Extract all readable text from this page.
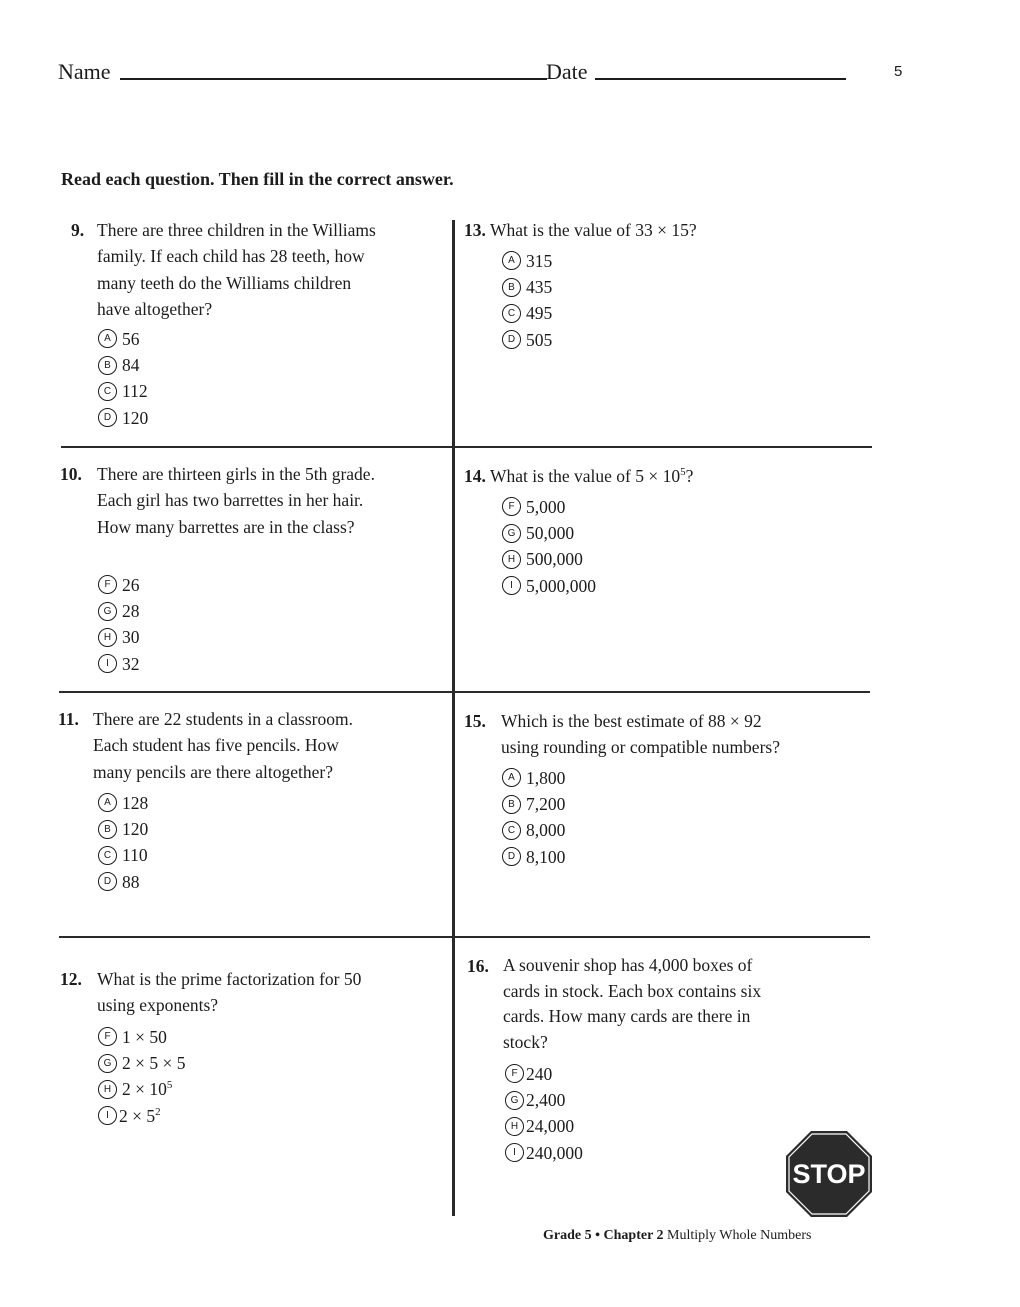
Name	Date	5
Read each question. Then fill in the correct answer.
9. There are three children in the Williams
family. If each child has 28 teeth, how
many teeth do the Williams children
have altogether?
A 56
B 84
C 112
D 120
10. There are thirteen girls in the 5th grade.
Each girl has two barrettes in her hair.
How many barrettes are in the class?
F 26
G 28
H 30
I 32
11. There are 22 students in a classroom.
Each student has five pencils. How
many pencils are there altogether?
A 128
B 120
C 110
D 88
12. What is the prime factorization for 50
using exponents?
F 1 × 50
G 2 × 5 × 5
H $2 \times 10^5$
I $2 \times 5^2$
13. What is the value of 33 × 15?
A 315
B 435
C 495
D 505
14. What is the value of $5 \times 10^5$?
F 5,000
G 50,000
H 500,000
I 5,000,000
15. Which is the best estimate of 88 × 92
using rounding or compatible numbers?
A 1,800
B 7,200
C 8,000
D 8,100
16. A souvenir shop has 4,000 boxes of
cards in stock. Each box contains six
cards. How many cards are there in
stock?
F 240
G 2,400
H 24,000
I 240,000
STOP
Grade 5 • Chapter 2 Multiply Whole Numbers
